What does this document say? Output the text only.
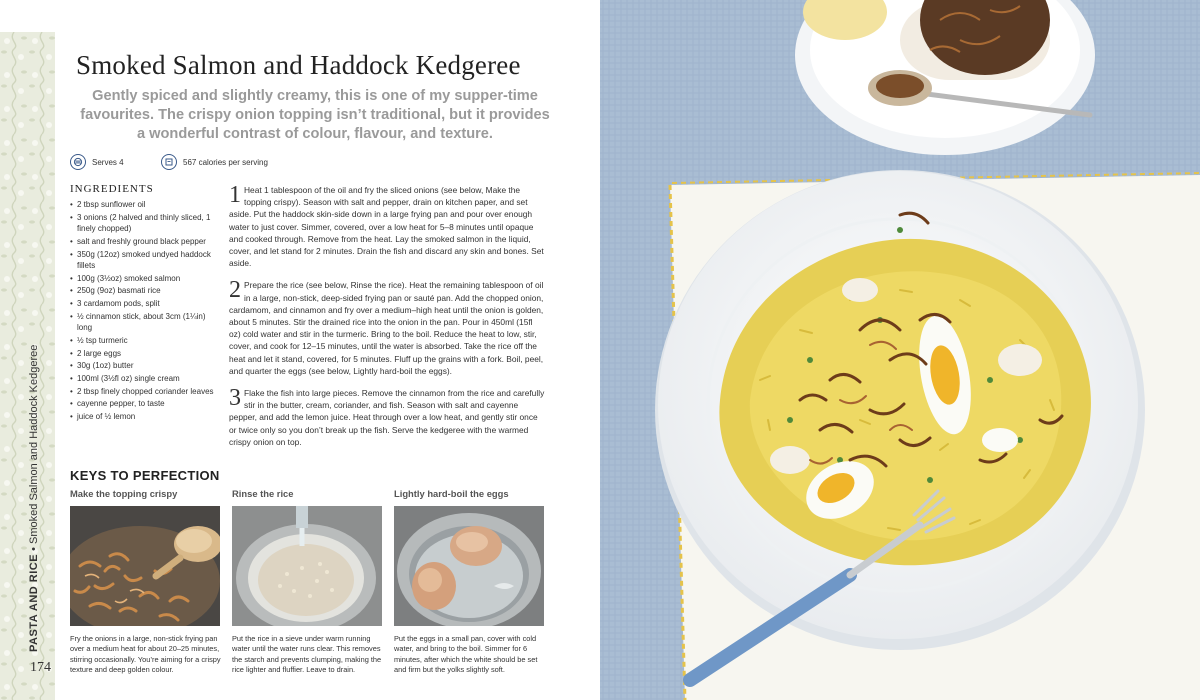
PASTA AND RICE • Smoked Salmon and Haddock Kedgeree
174
Smoked Salmon and Haddock Kedgeree
Gently spiced and slightly creamy, this is one of my supper-time favourites. The crispy onion topping isn’t traditional, but it provides a wonderful contrast of colour, flavour, and texture.
Serves 4	567 calories per serving
INGREDIENTS
• 2 tbsp sunflower oil
• 3 onions (2 halved and thinly sliced, 1 finely chopped)
• salt and freshly ground black pepper
• 350g (12oz) smoked undyed haddock fillets
• 100g (3½oz) smoked salmon
• 250g (9oz) basmati rice
• 3 cardamom pods, split
• ½ cinnamon stick, about 3cm (1¼in) long
• ½ tsp turmeric
• 2 large eggs
• 30g (1oz) butter
• 100ml (3½fl oz) single cream
• 2 tbsp finely chopped coriander leaves
• cayenne pepper, to taste
• juice of ½ lemon
1 Heat 1 tablespoon of the oil and fry the sliced onions (see below, Make the topping crispy). Season with salt and pepper, drain on kitchen paper, and set aside. Put the haddock skin-side down in a large frying pan and pour over enough water to just cover. Simmer, covered, over a low heat for 5–8 minutes until opaque and cooked through. Remove from the heat. Lay the smoked salmon in the liquid, cover, and let stand for 2 minutes. Drain the fish and discard any skin and bones. Set aside.
2 Prepare the rice (see below, Rinse the rice). Heat the remaining tablespoon of oil in a large, non-stick, deep-sided frying pan or sauté pan. Add the chopped onion, cardamom, and cinnamon and fry over a medium–high heat until the onion is golden, about 5 minutes. Stir the drained rice into the onion in the pan. Pour in 450ml (15fl oz) cold water and stir in the turmeric. Bring to the boil. Reduce the heat to low, stir, cover, and cook for 12–15 minutes, until the water is absorbed. Take the rice off the heat and let it stand, covered, for 5 minutes. Fluff up the grains with a fork. Boil, peel, and quarter the eggs (see below, Lightly hard-boil the eggs).
3 Flake the fish into large pieces. Remove the cinnamon from the rice and carefully stir in the butter, cream, coriander, and fish. Season with salt and cayenne pepper, and add the lemon juice. Heat through over a low heat, and gently stir once or twice only so you don’t break up the fish. Serve the kedgeree with the warmed crispy onion on top.
KEYS TO PERFECTION
Make the topping crispy	Rinse the rice	Lightly hard-boil the eggs
Fry the onions in a large, non-stick frying pan over a medium heat for about 20–25 minutes, stirring occasionally. You’re aiming for a crispy texture and deep golden colour.
Put the rice in a sieve under warm running water until the water runs clear. This removes the starch and prevents clumping, making the rice lighter and fluffier. Leave to drain.
Put the eggs in a small pan, cover with cold water, and bring to the boil. Simmer for 6 minutes, after which the white should be set and firm but the yolks slightly soft.
